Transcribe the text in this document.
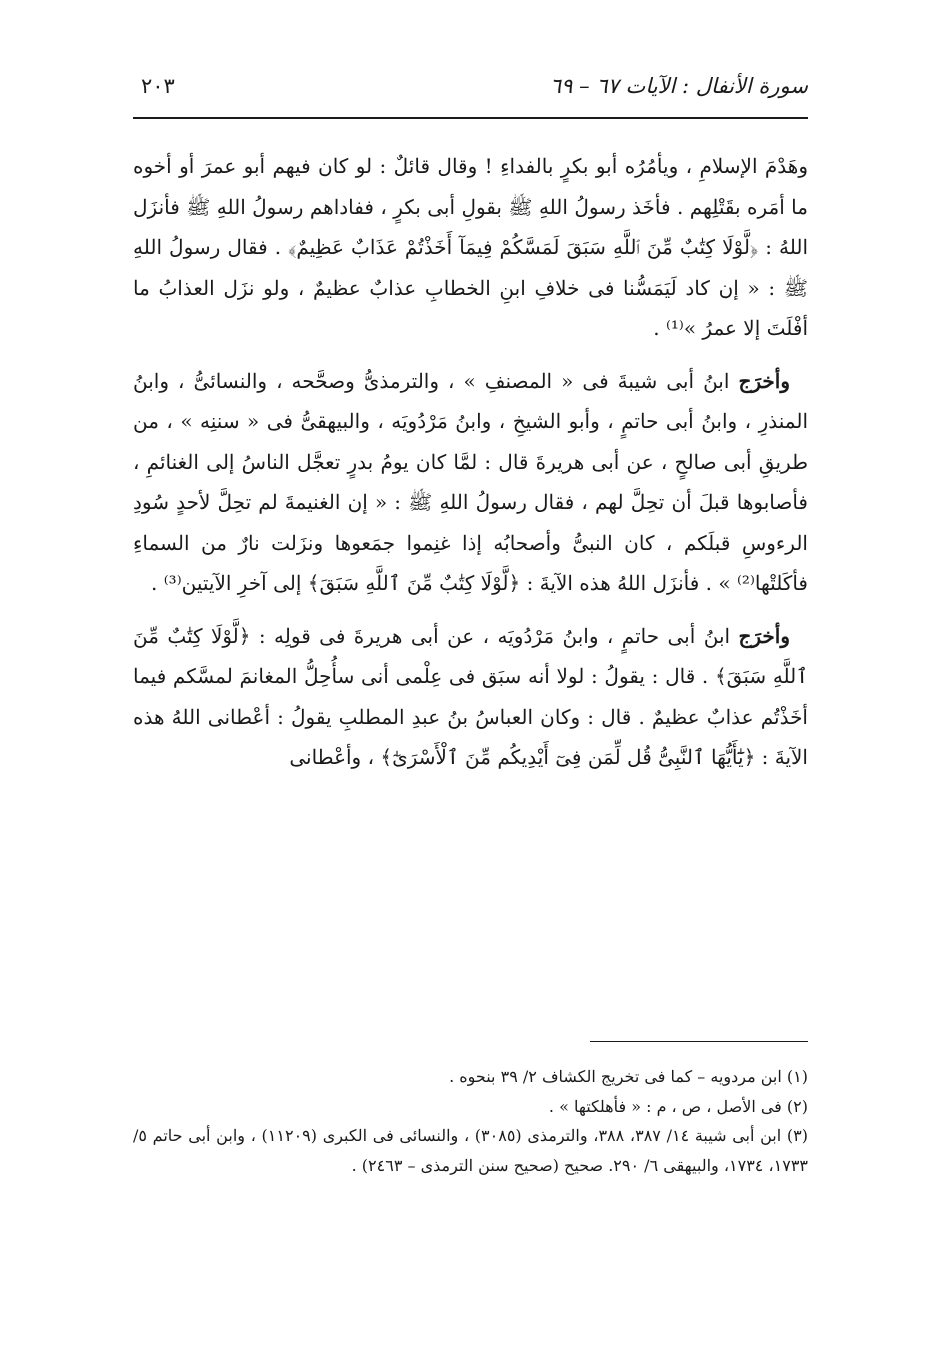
سورة الأنفال : الآيات ٦٧ – ٦٩
٢٠٣

وهَدْمَ الإسلامِ ، ويأمُرُه أبو بكرٍ بالفداءِ ! وقال قائلٌ : لو كان فيهم أبو عمرَ أو أخوه ما أمَره بقَتْلِهم . فأخَذ رسولُ اللهِ ﷺ بقولِ أبى بكرٍ ، ففاداهم رسولُ اللهِ ﷺ فأنزَل اللهُ : ﴿لَّوْلَا كِتَٰبٌ مِّنَ ٱللَّهِ سَبَقَ لَمَسَّكُمْ فِيمَآ أَخَذْتُمْ عَذَابٌ عَظِيمٌ﴾ . فقال رسولُ اللهِ ﷺ : « إن كاد لَيَمَسُّنا فى خلافِ ابنِ الخطابِ عذابٌ عظيمٌ ، ولو نزَل العذابُ ما أفْلَتَ إلا عمرُ »⁽¹⁾ .

وأخرَج ابنُ أبى شيبةَ فى « المصنفِ » ، والترمذىُّ وصحَّحه ، والنسائىُّ ، وابنُ المنذرِ ، وابنُ أبى حاتمٍ ، وأبو الشيخِ ، وابنُ مَرْدُويَه ، والبيهقىُّ فى « سننِه » ، من طريقِ أبى صالحٍ ، عن أبى هريرةَ قال : لمَّا كان يومُ بدرٍ تعجَّل الناسُ إلى الغنائمِ ، فأصابوها قبلَ أن تحِلَّ لهم ، فقال رسولُ اللهِ ﷺ : « إن الغنيمةَ لم تحِلَّ لأحدٍ سُودِ الرءوسِ قبلَكم ، كان النبىُّ وأصحابُه إذا غنِموا جمَعوها ونزَلت نارٌ من السماءِ فأكَلتْها⁽²⁾ » . فأنزَل اللهُ هذه الآيةَ : ﴿لَّوْلَا كِتَٰبٌ مِّنَ ٱللَّهِ سَبَقَ﴾ إلى آخرِ الآيتين⁽³⁾ .

وأخرَج ابنُ أبى حاتمٍ ، وابنُ مَرْدُويَه ، عن أبى هريرةَ فى قولِه : ﴿لَّوْلَا كِتَٰبٌ مِّنَ ٱللَّهِ سَبَقَ﴾ . قال : يقولُ : لولا أنه سبَق فى عِلْمى أنى سأُحِلُّ المغانمَ لمسَّكم فيما أخَذْتُم عذابٌ عظيمٌ . قال : وكان العباسُ بنُ عبدِ المطلبِ يقولُ : أعْطانى اللهُ هذه الآيةَ : ﴿يَٰٓأَيُّهَا ٱلنَّبِىُّ قُل لِّمَن فِىٓ أَيْدِيكُم مِّنَ ٱلْأَسْرَىٰٓ﴾ ، وأعْطانى

(١) ابن مردويه – كما فى تخريج الكشاف ٢/ ٣٩ بنحوه .

(٢) فى الأصل ، ص ، م : « فأهلكتها » .

(٣) ابن أبى شيبة ١٤/ ٣٨٧، ٣٨٨، والترمذى (٣٠٨٥) ، والنسائى فى الكبرى (١١٢٠٩) ، وابن أبى حاتم ٥/ ١٧٣٣، ١٧٣٤، والبيهقى ٦/ ٢٩٠. صحيح (صحيح سنن الترمذى – ٢٤٦٣) .
